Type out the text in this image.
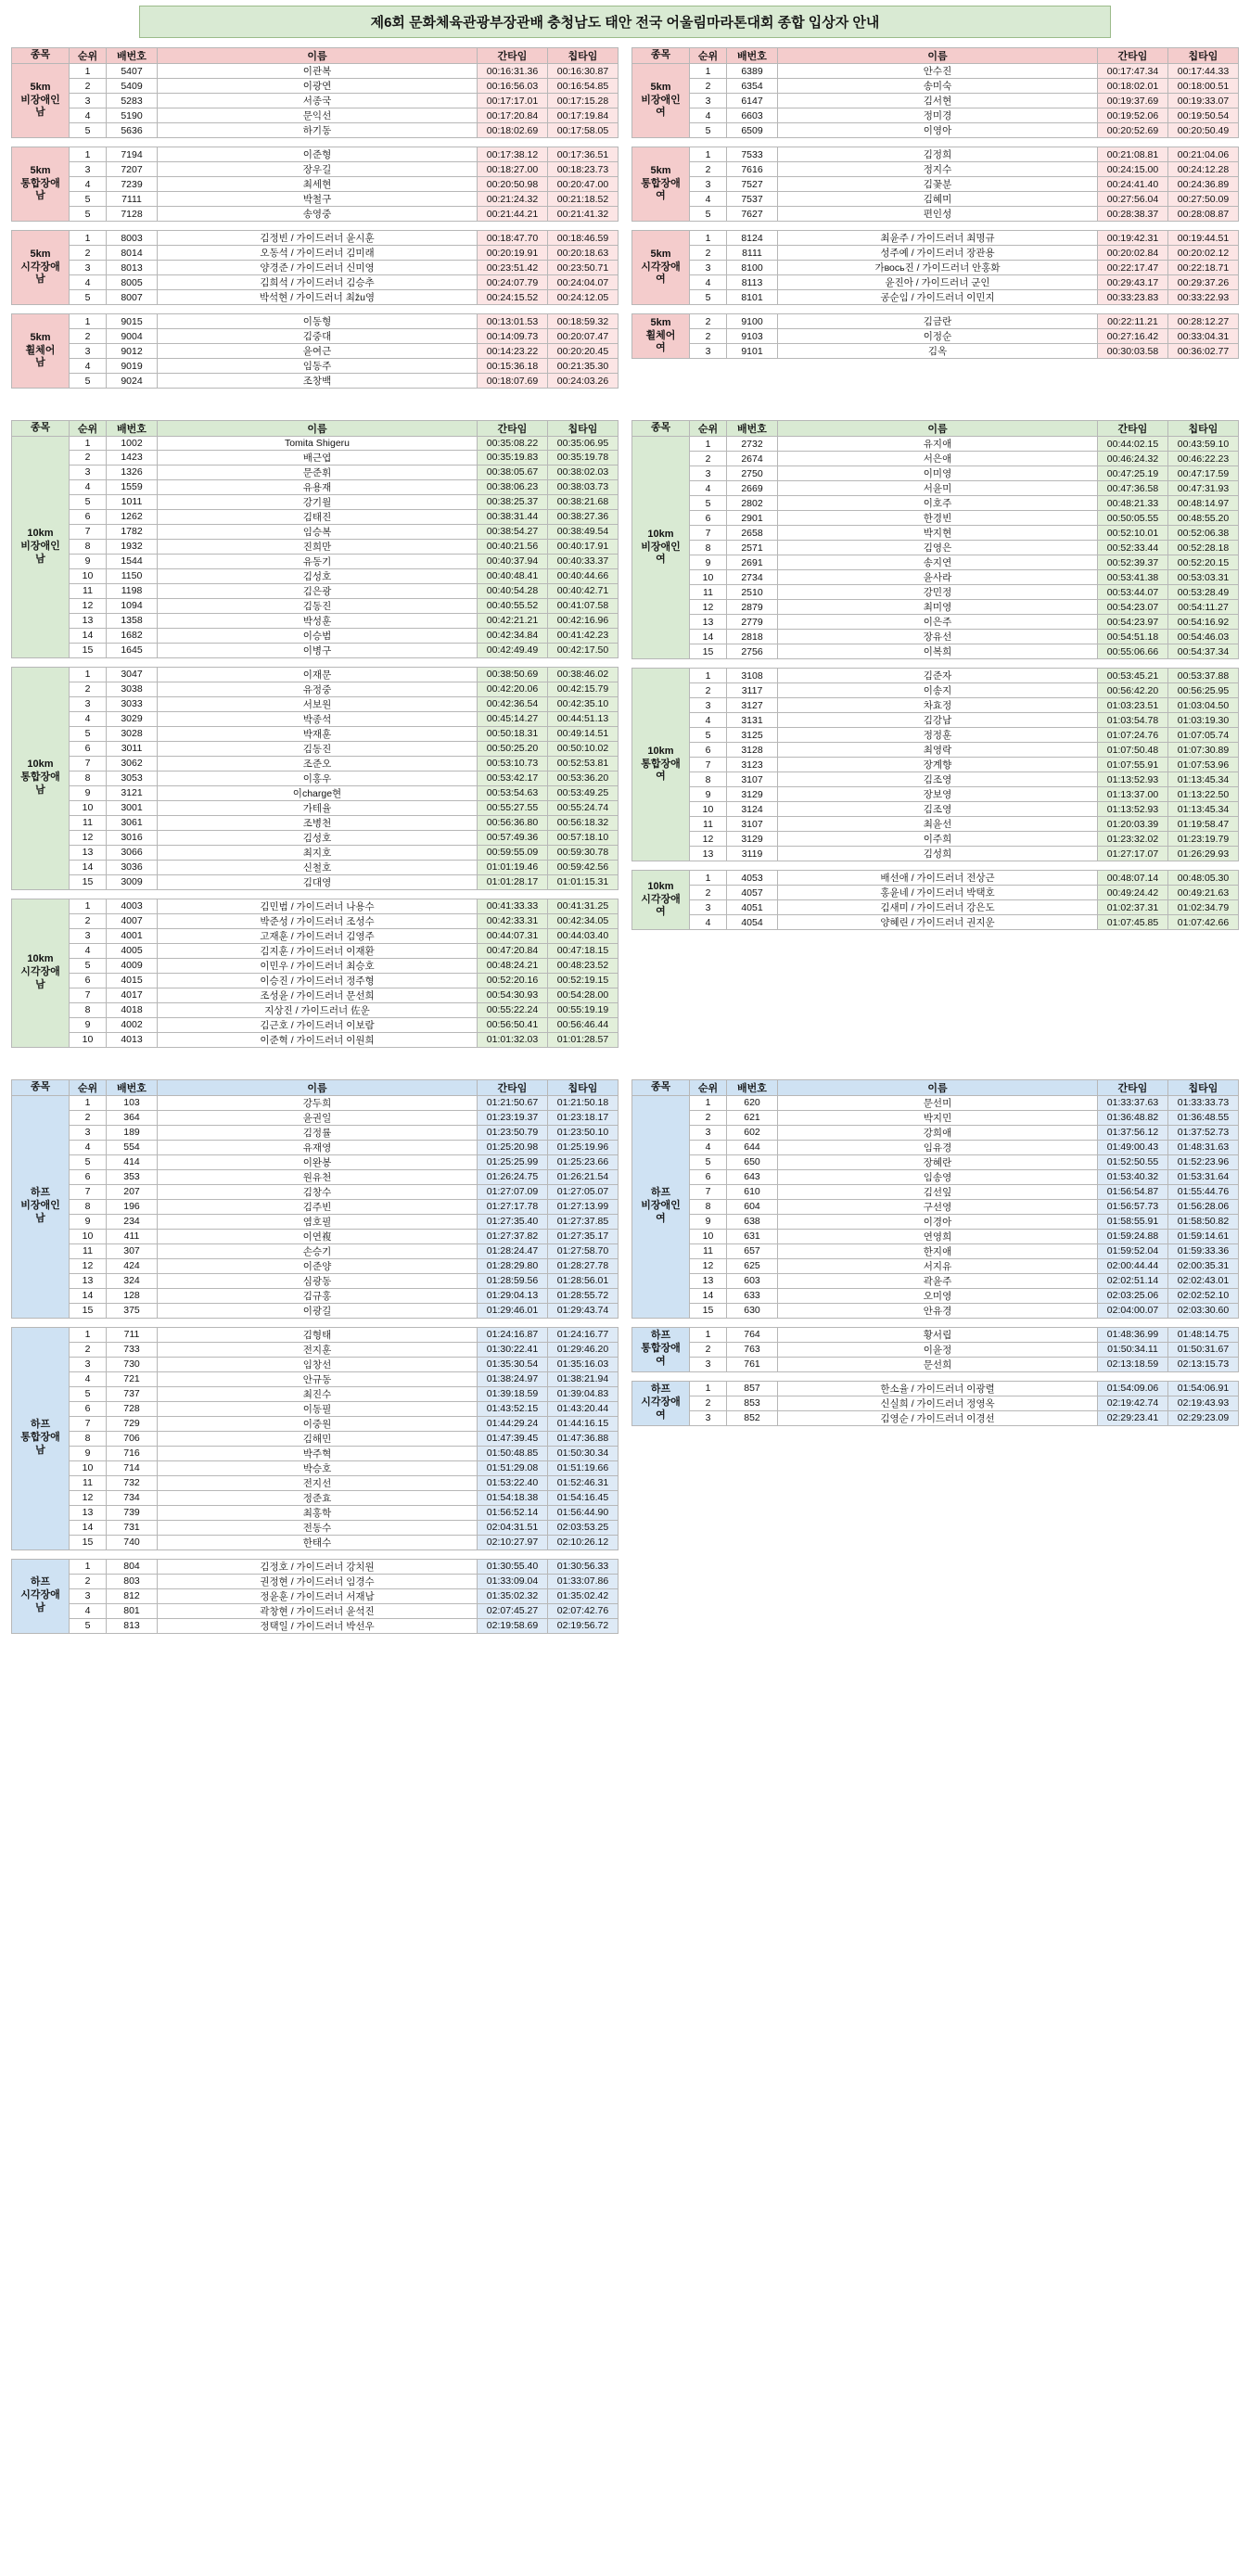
제6회 문화체육관광부장관배 충청남도 태안 전국 어울림마라톤대회 종합 입상자 안내
종목	순위	배번호	이름	간타임	칩타임
5km
비장애인
남	1	5407	이관복	00:16:31.36	00:16:30.87
	2	5409	이광연	00:16:56.03	00:16:54.85
	3	5283	서종국	00:17:17.01	00:17:15.28
	4	5190	문익선	00:17:20.84	00:17:19.84
	5	5636	하기동	00:18:02.69	00:17:58.05

5km
통합장애
남	1	7194	이준형	00:17:38.12	00:17:36.51
	3	7207	장우길	00:18:27.00	00:18:23.73
	4	7239	최세현	00:20:50.98	00:20:47.00
	5	7111	박철구	00:21:24.32	00:21:18.52
	5	7128	송영중	00:21:44.21	00:21:41.32

5km
시각장애
남	1	8003	김정빈 / 가이드러너 윤시훈	00:18:47.70	00:18:46.59
	2	8014	오동석 / 가이드러너 김미래	00:20:19.91	00:20:18.63
	3	8013	양경준 / 가이드러너 신미영	00:23:51.42	00:23:50.71
	4	8005	김희석 / 가이드러너 김승추	00:24:07.79	00:24:04.07
	5	8007	박석현 / 가이드러너 최žu영	00:24:15.52	00:24:12.05

5km
휠체어
남	1	9015	이동형	00:13:01.53	00:18:59.32
	2	9004	김중대	00:14:09.73	00:20:07.47
	3	9012	윤여근	00:14:23.22	00:20:20.45
	4	9019	임동주	00:15:36.18	00:21:35.30
	5	9024	조창백	00:18:07.69	00:24:03.26
종목	순위	배번호	이름	간타임	칩타임
5km
비장애인
여	1	6389	안수진	00:17:47.34	00:17:44.33
	2	6354	송미숙	00:18:02.01	00:18:00.51
	3	6147	김서현	00:19:37.69	00:19:33.07
	4	6603	정미경	00:19:52.06	00:19:50.54
	5	6509	이영아	00:20:52.69	00:20:50.49

5km
통합장애
여	1	7533	김정희	00:21:08.81	00:21:04.06
	2	7616	정지수	00:24:15.00	00:24:12.28
	3	7527	김꽃분	00:24:41.40	00:24:36.89
	4	7537	김혜미	00:27:56.04	00:27:50.09
	5	7627	편인성	00:28:38.37	00:28:08.87

5km
시각장애
여	1	8124	최윤주 / 가이드러너 최명규	00:19:42.31	00:19:44.51
	2	8111	성주예 / 가이드러너 장관용	00:20:02.84	00:20:02.12
	3	8100	가вось진 / 가이드러너 안홍화	00:22:17.47	00:22:18.71
	4	8113	윤진아 / 가이드러너 군인	00:29:43.17	00:29:37.26
	5	8101	공순임 / 가이드러너 이민지	00:33:23.83	00:33:22.93

5km
휠체어
여	2	9100	김금란	00:22:11.21	00:28:12.27
	2	9103	이정순	00:27:16.42	00:33:04.31
	3	9101	김옥	00:30:03.58	00:36:02.77
종목	순위	배번호	이름	간타임	칩타임
10km
비장애인
남	1	1002	Tomita Shigeru	00:35:08.22	00:35:06.95
	2	1423	배근엽	00:35:19.83	00:35:19.78
	3	1326	문준휘	00:38:05.67	00:38:02.03
	4	1559	유용재	00:38:06.23	00:38:03.73
	5	1011	강기월	00:38:25.37	00:38:21.68
	6	1262	김태진	00:38:31.44	00:38:27.36
	7	1782	임승복	00:38:54.27	00:38:49.54
	8	1932	진희만	00:40:21.56	00:40:17.91
	9	1544	유동기	00:40:37.94	00:40:33.37
	10	1150	김성호	00:40:48.41	00:40:44.66
	11	1198	김은광	00:40:54.28	00:40:42.71
	12	1094	김동진	00:40:55.52	00:41:07.58
	13	1358	박성훈	00:42:21.21	00:42:16.96
	14	1682	이승범	00:42:34.84	00:41:42.23
	15	1645	이병구	00:42:49.49	00:42:17.50

10km
통합장애
남	1	3047	이재문	00:38:50.69	00:38:46.02
	2	3038	유정중	00:42:20.06	00:42:15.79
	3	3033	서보원	00:42:36.54	00:42:35.10
	4	3029	박종석	00:45:14.27	00:44:51.13
	5	3028	박재훈	00:50:18.31	00:49:14.51
	6	3011	김동진	00:50:25.20	00:50:10.02
	7	3062	조준오	00:53:10.73	00:52:53.81
	8	3053	이홍우	00:53:42.17	00:53:36.20
	9	3121	이charge현	00:53:54.63	00:53:49.25
	10	3001	가테율	00:55:27.55	00:55:24.74
	11	3061	조병천	00:56:36.80	00:56:18.32
	12	3016	김성호	00:57:49.36	00:57:18.10
	13	3066	최지호	00:59:55.09	00:59:30.78
	14	3036	신철호	01:01:19.46	00:59:42.56
	15	3009	김대영	01:01:28.17	01:01:15.31

10km
시각장애
남	1	4003	김민범 / 가이드러너 나용수	00:41:33.33	00:41:31.25
	2	4007	박준성 / 가이드러너 조성수	00:42:33.31	00:42:34.05
	3	4001	고재훈 / 가이드러너 김영주	00:44:07.31	00:44:03.40
	4	4005	김지훈 / 가이드러너 이재환	00:47:20.84	00:47:18.15
	5	4009	이민우 / 가이드러너 최승호	00:48:24.21	00:48:23.52
	6	4015	이승진 / 가이드러너 정주형	00:52:20.16	00:52:19.15
	7	4017	조성윤 / 가이드러너 문선희	00:54:30.93	00:54:28.00
	8	4018	지상진 / 가이드러너 佐운	00:55:22.24	00:55:19.19
	9	4002	김근호 / 가이드러너 이보람	00:56:50.41	00:56:46.44
	10	4013	이준혁 / 가이드러너 이원희	01:01:32.03	01:01:28.57
종목	순위	배번호	이름	간타임	칩타임
10km
비장애인
여	1	2732	유지애	00:44:02.15	00:43:59.10
	2	2674	서은애	00:46:24.32	00:46:22.23
	3	2750	이미영	00:47:25.19	00:47:17.59
	4	2669	서윤미	00:47:36.58	00:47:31.93
	5	2802	이호주	00:48:21.33	00:48:14.97
	6	2901	한경빈	00:50:05.55	00:48:55.20
	7	2658	박지현	00:52:10.01	00:52:06.38
	8	2571	김영은	00:52:33.44	00:52:28.18
	9	2691	송지연	00:52:39.37	00:52:20.15
	10	2734	윤사라	00:53:41.38	00:53:03.31
	11	2510	강민정	00:53:44.07	00:53:28.49
	12	2879	최미영	00:54:23.07	00:54:11.27
	13	2779	이은주	00:54:23.97	00:54:16.92
	14	2818	장유선	00:54:51.18	00:54:46.03
	15	2756	이복희	00:55:06.66	00:54:37.34

10km
통합장애
여	1	3108	김준자	00:53:45.21	00:53:37.88
	2	3117	이송지	00:56:42.20	00:56:25.95
	3	3127	차효정	01:03:23.51	01:03:04.50
	4	3131	김강남	01:03:54.78	01:03:19.30
	5	3125	정정훈	01:07:24.76	01:07:05.74
	6	3128	최영락	01:07:50.48	01:07:30.89
	7	3123	장계향	01:07:55.91	01:07:53.96
	8	3107	김조영	01:13:52.93	01:13:45.34
	9	3129	장보영	01:13:37.00	01:13:22.50
	10	3124	김조영	01:13:52.93	01:13:45.34
	11	3107	최윤선	01:20:03.39	01:19:58.47
	12	3129	이주희	01:23:32.02	01:23:19.79
	13	3119	김성희	01:27:17.07	01:26:29.93

10km
시각장애
여	1	4053	배선애 / 가이드러너 전상근	00:48:07.14	00:48:05.30
	2	4057	홍윤네 / 가이드러너 박택호	00:49:24.42	00:49:21.63
	3	4051	김새미 / 가이드러너 강은도	01:02:37.31	01:02:34.79
	4	4054	양혜린 / 가이드러너 권지운	01:07:45.85	01:07:42.66
종목	순위	배번호	이름	간타임	칩타임
하프
비장애인
남	1	103	강두희	01:21:50.67	01:21:50.18
	2	364	윤권일	01:23:19.37	01:23:18.17
	3	189	김정률	01:23:50.79	01:23:50.10
	4	554	유재영	01:25:20.98	01:25:19.96
	5	414	이완봉	01:25:25.99	01:25:23.66
	6	353	원유천	01:26:24.75	01:26:21.54
	7	207	김창수	01:27:07.09	01:27:05.07
	8	196	김주빈	01:27:17.78	01:27:13.99
	9	234	염호필	01:27:35.40	01:27:37.85
	10	411	이연複	01:27:37.82	01:27:35.17
	11	307	손승기	01:28:24.47	01:27:58.70
	12	424	이준양	01:28:29.80	01:28:27.78
	13	324	심광동	01:28:59.56	01:28:56.01
	14	128	김규홍	01:29:04.13	01:28:55.72
	15	375	이광길	01:29:46.01	01:29:43.74

하프
통합장애
남	1	711	김형태	01:24:16.87	01:24:16.77
	2	733	전지훈	01:30:22.41	01:29:46.20
	3	730	임창선	01:35:30.54	01:35:16.03
	4	721	안규동	01:38:24.97	01:38:21.94
	5	737	최진수	01:39:18.59	01:39:04.83
	6	728	이동필	01:43:52.15	01:43:20.44
	7	729	이중원	01:44:29.24	01:44:16.15
	8	706	김해민	01:47:39.45	01:47:36.88
	9	716	박주혁	01:50:48.85	01:50:30.34
	10	714	박승호	01:51:29.08	01:51:19.66
	11	732	전지선	01:53:22.40	01:52:46.31
	12	734	정준효	01:54:18.38	01:54:16.45
	13	739	최홍학	01:56:52.14	01:56:44.90
	14	731	전동수	02:04:31.51	02:03:53.25
	15	740	한태수	02:10:27.97	02:10:26.12

하프
시각장애
남	1	804	김정호 / 가이드러너 강치원	01:30:55.40	01:30:56.33
	2	803	권정현 / 가이드러너 임경수	01:33:09.04	01:33:07.86
	3	812	정윤훈 / 가이드러너 서재남	01:35:02.32	01:35:02.42
	4	801	곽창현 / 가이드러너 윤석진	02:07:45.27	02:07:42.76
	5	813	정택일 / 가이드러너 박선우	02:19:58.69	02:19:56.72
종목	순위	배번호	이름	간타임	칩타임
하프
비장애인
여	1	620	문선미	01:33:37.63	01:33:33.73
	2	621	박지민	01:36:48.82	01:36:48.55
	3	602	강희애	01:37:56.12	01:37:52.73
	4	644	임유경	01:49:00.43	01:48:31.63
	5	650	장혜란	01:52:50.55	01:52:23.96
	6	643	임송영	01:53:40.32	01:53:31.64
	7	610	김선잎	01:56:54.87	01:55:44.76
	8	604	구선영	01:56:57.73	01:56:28.06
	9	638	이경아	01:58:55.91	01:58:50.82
	10	631	연영희	01:59:24.88	01:59:14.61
	11	657	한지애	01:59:52.04	01:59:33.36
	12	625	서지유	02:00:44.44	02:00:35.31
	13	603	곽윤주	02:02:51.14	02:02:43.01
	14	633	오미영	02:03:25.06	02:02:52.10
	15	630	안유경	02:04:00.07	02:03:30.60

하프
통합장애
여	1	764	황서립	01:48:36.99	01:48:14.75
	2	763	이윤정	01:50:34.11	01:50:31.67
	3	761	문선희	02:13:18.59	02:13:15.73

하프
시각장애
여	1	857	한소율 / 가이드러너 이광렬	01:54:09.06	01:54:06.91
	2	853	신실희 / 가이드러너 정영옥	02:19:42.74	02:19:43.93
	3	852	김영순 / 가이드러너 이경선	02:29:23.41	02:29:23.09
